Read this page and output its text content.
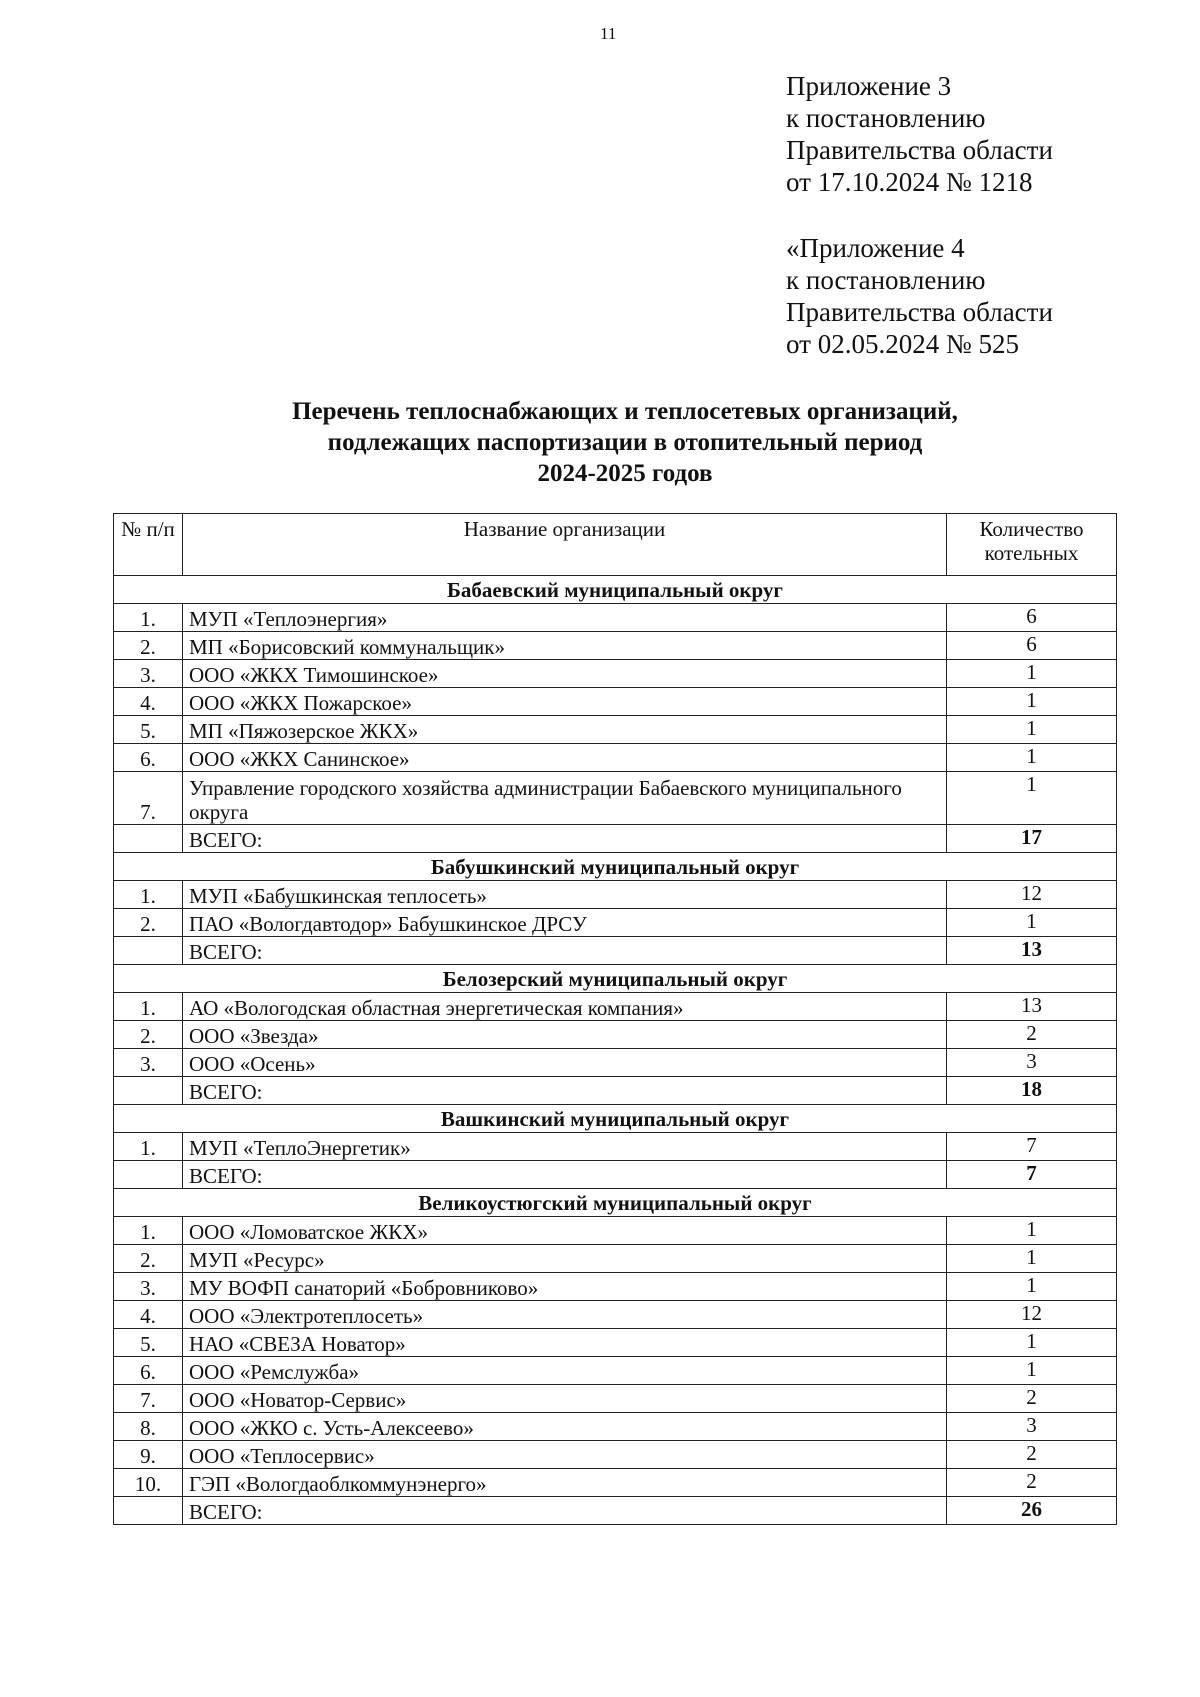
11
Приложение 3
к постановлению
Правительства области
от 17.10.2024 № 1218
«Приложение 4
к постановлению
Правительства области
от 02.05.2024 № 525
Перечень теплоснабжающих и теплосетевых организаций,
подлежащих паспортизации в отопительный период
2024-2025 годов
№ п/п	Название организации	Количество котельных
Бабаевский муниципальный округ		
1.	МУП «Теплоэнергия»	6
2.	МП «Борисовский коммунальщик»	6
3.	ООО «ЖКХ Тимошинское»	1
4.	ООО «ЖКХ Пожарское»	1
5.	МП «Пяжозерское ЖКХ»	1
6.	ООО «ЖКХ Санинское»	1
7.	Управление городского хозяйства администрации Бабаевского муниципального округа	1
	ВСЕГО:	17
Бабушкинский муниципальный округ		
1.	МУП «Бабушкинская теплосеть»	12
2.	ПАО «Вологдавтодор» Бабушкинское ДРСУ	1
	ВСЕГО:	13
Белозерский муниципальный округ		
1.	АО «Вологодская областная энергетическая компания»	13
2.	ООО «Звезда»	2
3.	ООО «Осень»	3
	ВСЕГО:	18
Вашкинский муниципальный округ		
1.	МУП «ТеплоЭнергетик»	7
	ВСЕГО:	7
Великоустюгский муниципальный округ		
1.	ООО «Ломоватское ЖКХ»	1
2.	МУП «Ресурс»	1
3.	МУ ВОФП санаторий «Бобровниково»	1
4.	ООО «Электротеплосеть»	12
5.	НАО «СВЕЗА Новатор»	1
6.	ООО «Ремслужба»	1
7.	ООО «Новатор-Сервис»	2
8.	ООО «ЖКО с. Усть-Алексеево»	3
9.	ООО «Теплосервис»	2
10.	ГЭП «Вологдаоблкоммунэнерго»	2
	ВСЕГО:	26
